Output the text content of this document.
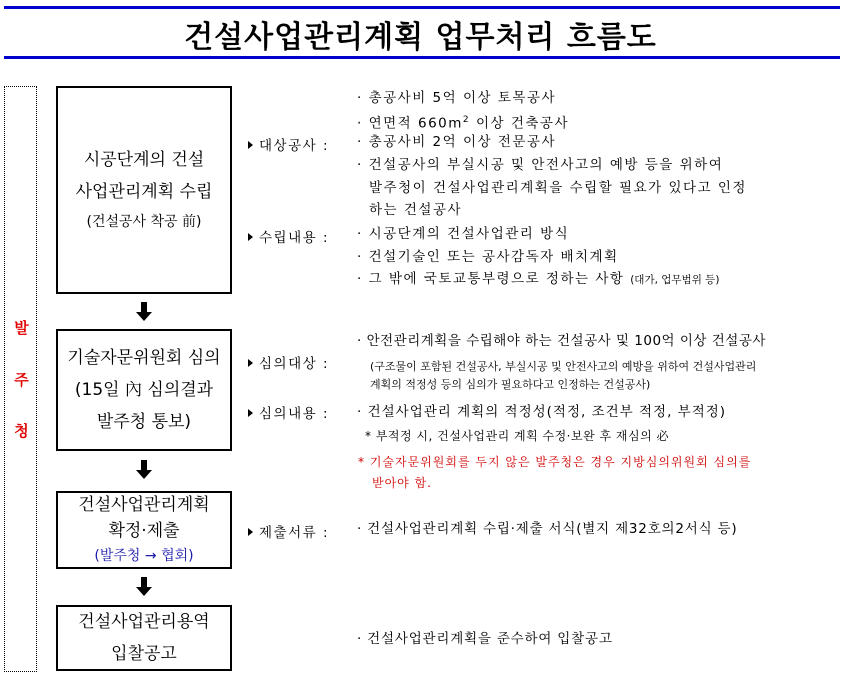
건설사업관리계획 업무처리 흐름도
발
주
청
시공단계의 건설
사업관리계획 수립
(건설공사 착공 前)
기술자문위원회 심의
(15일 內 심의결과
발주청 통보)
건설사업관리계획
확정·제출
(발주청 → 협회)
건설사업관리용역
입찰공고
대상공사 :
· 총공사비 5억 이상 토목공사
· 연면적 $660m^2$ 이상 건축공사
· 총공사비 2억 이상 전문공사
· 건설공사의 부실시공 및 안전사고의 예방 등을 위하여
발주청이 건설사업관리계획을 수립할 필요가 있다고 인정
하는 건설공사
수립내용 : · 시공단계의 건설사업관리 방식
· 건설기술인 또는 공사감독자 배치계획
· 그 밖에 국토교통부령으로 정하는 사항 (대가, 업무범위 등)
심의대상 :
· 안전관리계획을 수립해야 하는 건설공사 및 100억 이상 건설공사
(구조물이 포함된 건설공사, 부실시공 및 안전사고의 예방을 위하여 건설사업관리
계획의 적정성 등의 심의가 필요하다고 인정하는 건설공사)
심의내용 : · 건설사업관리 계획의 적정성(적정, 조건부 적정, 부적정)
* 부적정 시, 건설사업관리 계획 수정·보완 후 재심의 必
* 기술자문위원회를 두지 않은 발주청은 경우 지방심의위원회 심의를
받아야 함.
제출서류 : · 건설사업관리계획 수립·제출 서식(별지 제32호의2서식 등)
· 건설사업관리계획을 준수하여 입찰공고
